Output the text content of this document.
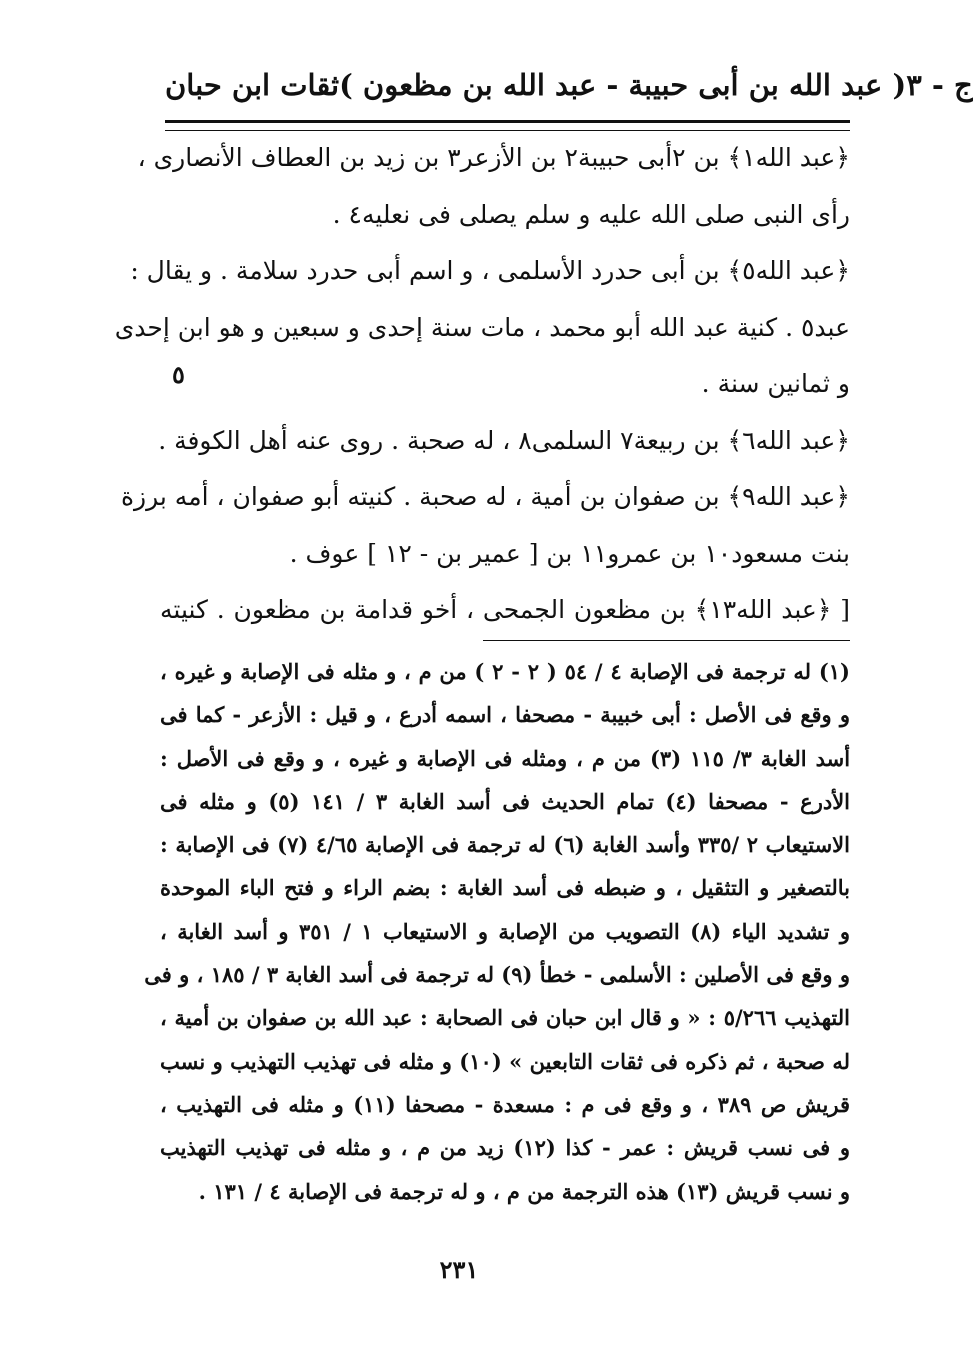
ثقات ابن حبان ( عبد الله بن أبى حبيبة - عبد الله بن مظعون ) ج - ٣
﴿عبد الله١﴾ بن ٢أبى حبيبة٢ بن الأزعر٣ بن زيد بن العطاف الأنصارى ،
رأى النبى صلى الله عليه و سلم يصلى فى نعليه٤ .
﴿عبد الله٥﴾ بن أبى حدرد الأسلمى ، و اسم أبى حدرد سلامة . و يقال :
عبد٥ . كنية عبد الله أبو محمد ، مات سنة إحدى و سبعين و هو ابن إحدى
و ثمانين سنة .
﴿عبد الله٦﴾ بن ربيعة٧ السلمى٨ ، له صحبة . روى عنه أهل الكوفة .
﴿عبد الله٩﴾ بن صفوان بن أمية ، له صحبة . كنيته أبو صفوان ، أمه برزة
بنت مسعود١٠ بن عمرو١١ بن [ عمير بن - ١٢ ] عوف .
[ ﴿عبد الله١٣﴾ بن مظعون الجمحى ، أخو قدامة بن مظعون . كنيته
٥
(١) له ترجمة فى الإصابة ٤ / ٥٤ ( ٢ - ٢ ) من م ، و مثله فى الإصابة و غيره ،
و وقع فى الأصل : أبى خبيبة - مصحفا ، اسمه أدرع ، و قيل : الأزعر - كما فى
أسد الغابة ٣/ ١١٥ (٣) من م ، ومثله فى الإصابة و غيره ، و وقع فى الأصل :
الأدرع - مصحفا (٤) تمام الحديث فى أسد الغابة ٣ / ١٤١ (٥) و مثله فى
الاستيعاب ٢ /٣٣٥ وأسد الغابة (٦) له ترجمة فى الإصابة ٤/٦٥ (٧) فى الإصابة :
بالتصغير و التثقيل ، و ضبطه فى أسد الغابة : بضم الراء و فتح الباء الموحدة
و تشديد الياء (٨) التصويب من الإصابة و الاستيعاب ١ / ٣٥١ و أسد الغابة ،
و وقع فى الأصلين : الأسلمى - خطأ (٩) له ترجمة فى أسد الغابة ٣ / ١٨٥ ، و فى
التهذيب ٥/٢٦٦ : « و قال ابن حبان فى الصحابة : عبد الله بن صفوان بن أمية ،
له صحبة ، ثم ذكره فى ثقات التابعين » (١٠) و مثله فى تهذيب التهذيب و نسب
قريش ص ٣٨٩ ، و وقع فى م : مسعدة - مصحفا (١١) و مثله فى التهذيب ،
و فى نسب قريش : عمر - كذا (١٢) زيد من م ، و مثله فى تهذيب التهذيب
و نسب قريش (١٣) هذه الترجمة من م ، و له ترجمة فى الإصابة ٤ / ١٣١ .
٢٣١
